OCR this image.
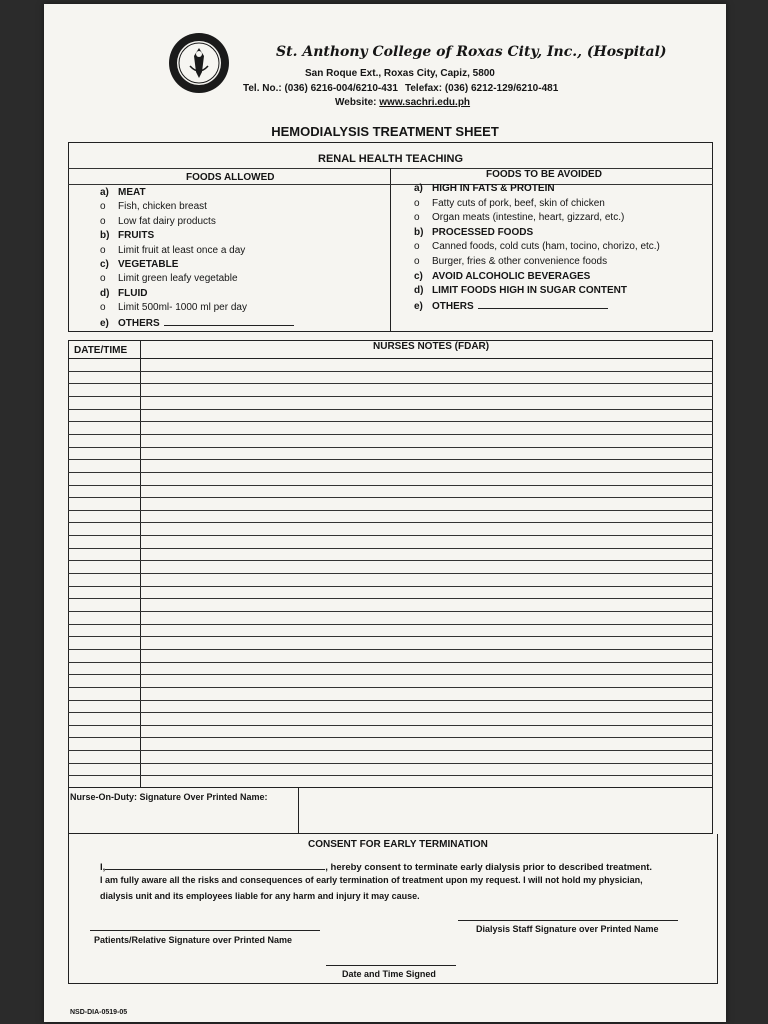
St. Anthony College of Roxas City, Inc., (Hospital)
San Roque Ext., Roxas City, Capiz, 5800
Tel. No.: (036) 6216-004/6210-431 Telefax: (036) 6212-129/6210-481
Website: www.sachri.edu.ph
HEMODIALYSIS TREATMENT SHEET
RENAL HEALTH TEACHING
FOODS ALLOWED	FOODS TO BE AVOIDED
a) MEAT
o Fish, chicken breast
o Low fat dairy products
b) FRUITS
o Limit fruit at least once a day
c) VEGETABLE
o Limit green leafy vegetable
d) FLUID
o Limit 500ml- 1000 ml per day
e) OTHERS
a) HIGH IN FATS & PROTEIN
o Fatty cuts of pork, beef, skin of chicken
o Organ meats (intestine, heart, gizzard, etc.)
b) PROCESSED FOODS
o Canned foods, cold cuts (ham, tocino, chorizo, etc.)
o Burger, fries & other convenience foods
c) AVOID ALCOHOLIC BEVERAGES
d) LIMIT FOODS HIGH IN SUGAR CONTENT
e) OTHERS
DATE/TIME	NURSES NOTES (FDAR)
Nurse-On-Duty: Signature Over Printed Name:
CONSENT FOR EARLY TERMINATION
I,	, hereby consent to terminate early dialysis prior to described treatment.
I am fully aware all the risks and consequences of early termination of treatment upon my request. I will not hold my physician,
dialysis unit and its employees liable for any harm and injury it may cause.
Patients/Relative Signature over Printed Name
Dialysis Staff Signature over Printed Name
Date and Time Signed
NSD-DIA-0519-05
